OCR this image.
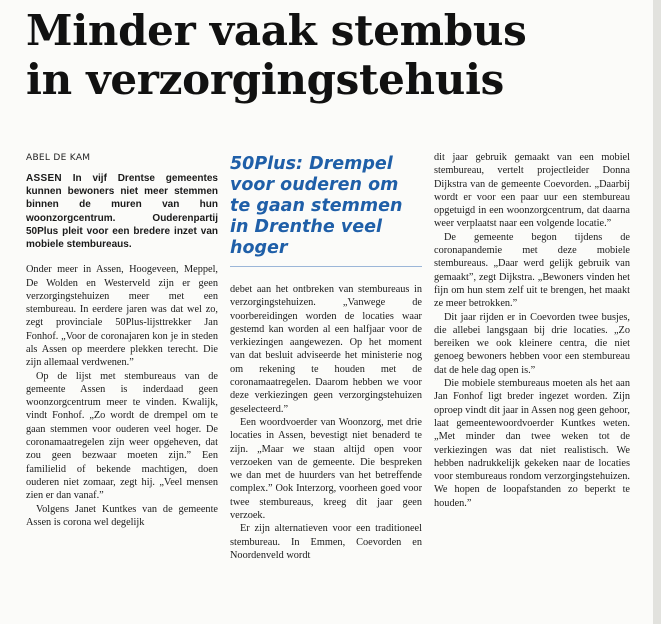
Minder vaak stembus
in verzorgingstehuis
ABEL DE KAM

ASSEN In vijf Drentse gemeentes kunnen bewoners niet meer stemmen binnen de muren van hun woonzorgcentrum. Ouderenpartij 50Plus pleit voor een bredere inzet van mobiele stembureaus.

Onder meer in Assen, Hoogeveen, Meppel, De Wolden en Westerveld zijn er geen verzorgingstehuizen meer met een stembureau. In eerdere jaren was dat wel zo, zegt provinciale 50Plus-lijsttrekker Jan Fonhof. „Voor de coronajaren kon je in steden als Assen op meerdere plekken terecht. Die zijn allemaal verdwenen.”

Op de lijst met stembureaus van de gemeente Assen is inderdaad geen woonzorgcentrum meer te vinden. Kwalijk, vindt Fonhof. „Zo wordt de drempel om te gaan stemmen voor ouderen veel hoger. De coronamaatregelen zijn weer opgeheven, dat zou geen bezwaar moeten zijn.” Een familielid of bekende machtigen, doen ouderen niet zomaar, zegt hij. „Veel mensen zien er dan vanaf.”

Volgens Janet Kuntkes van de gemeente Assen is corona wel degelijk

50Plus: Drempel voor ouderen om te gaan stemmen in Drenthe veel hoger

debet aan het ontbreken van stembureaus in verzorgingstehuizen. „Vanwege de voorbereidingen worden de locaties waar gestemd kan worden al een halfjaar voor de verkiezingen aangewezen. Op het moment van dat besluit adviseerde het ministerie nog om rekening te houden met de coronamaatregelen. Daarom hebben we voor deze verkiezingen geen verzorgingstehuizen geselecteerd.”

Een woordvoerder van Woonzorg, met drie locaties in Assen, bevestigt niet benaderd te zijn. „Maar we staan altijd open voor verzoeken van de gemeente. Die bespreken we dan met de huurders van het betreffende complex.” Ook Interzorg, voorheen goed voor twee stembureaus, kreeg dit jaar geen verzoek.

Er zijn alternatieven voor een traditioneel stembureau. In Emmen, Coevorden en Noordenveld wordt

dit jaar gebruik gemaakt van een mobiel stembureau, vertelt projectleider Donna Dijkstra van de gemeente Coevorden. „Daarbij wordt er voor een paar uur een stembureau opgetuigd in een woonzorgcentrum, dat daarna weer verplaatst naar een volgende locatie.”

De gemeente begon tijdens de coronapandemie met deze mobiele stembureaus. „Daar werd gelijk gebruik van gemaakt”, zegt Dijkstra. „Bewoners vinden het fijn om hun stem zelf uit te brengen, het maakt ze meer betrokken.”

Dit jaar rijden er in Coevorden twee busjes, die allebei langsgaan bij drie locaties. „Zo bereiken we ook kleinere centra, die niet genoeg bewoners hebben voor een stembureau dat de hele dag open is.”

Die mobiele stembureaus moeten als het aan Jan Fonhof ligt breder ingezet worden. Zijn oproep vindt dit jaar in Assen nog geen gehoor, laat gemeentewoordvoerder Kuntkes weten. „Met minder dan twee weken tot de verkiezingen was dat niet realistisch. We hebben nadrukkelijk gekeken naar de locaties voor stembureaus rondom verzorgingstehuizen. We hopen de loopafstanden zo beperkt te houden.”
